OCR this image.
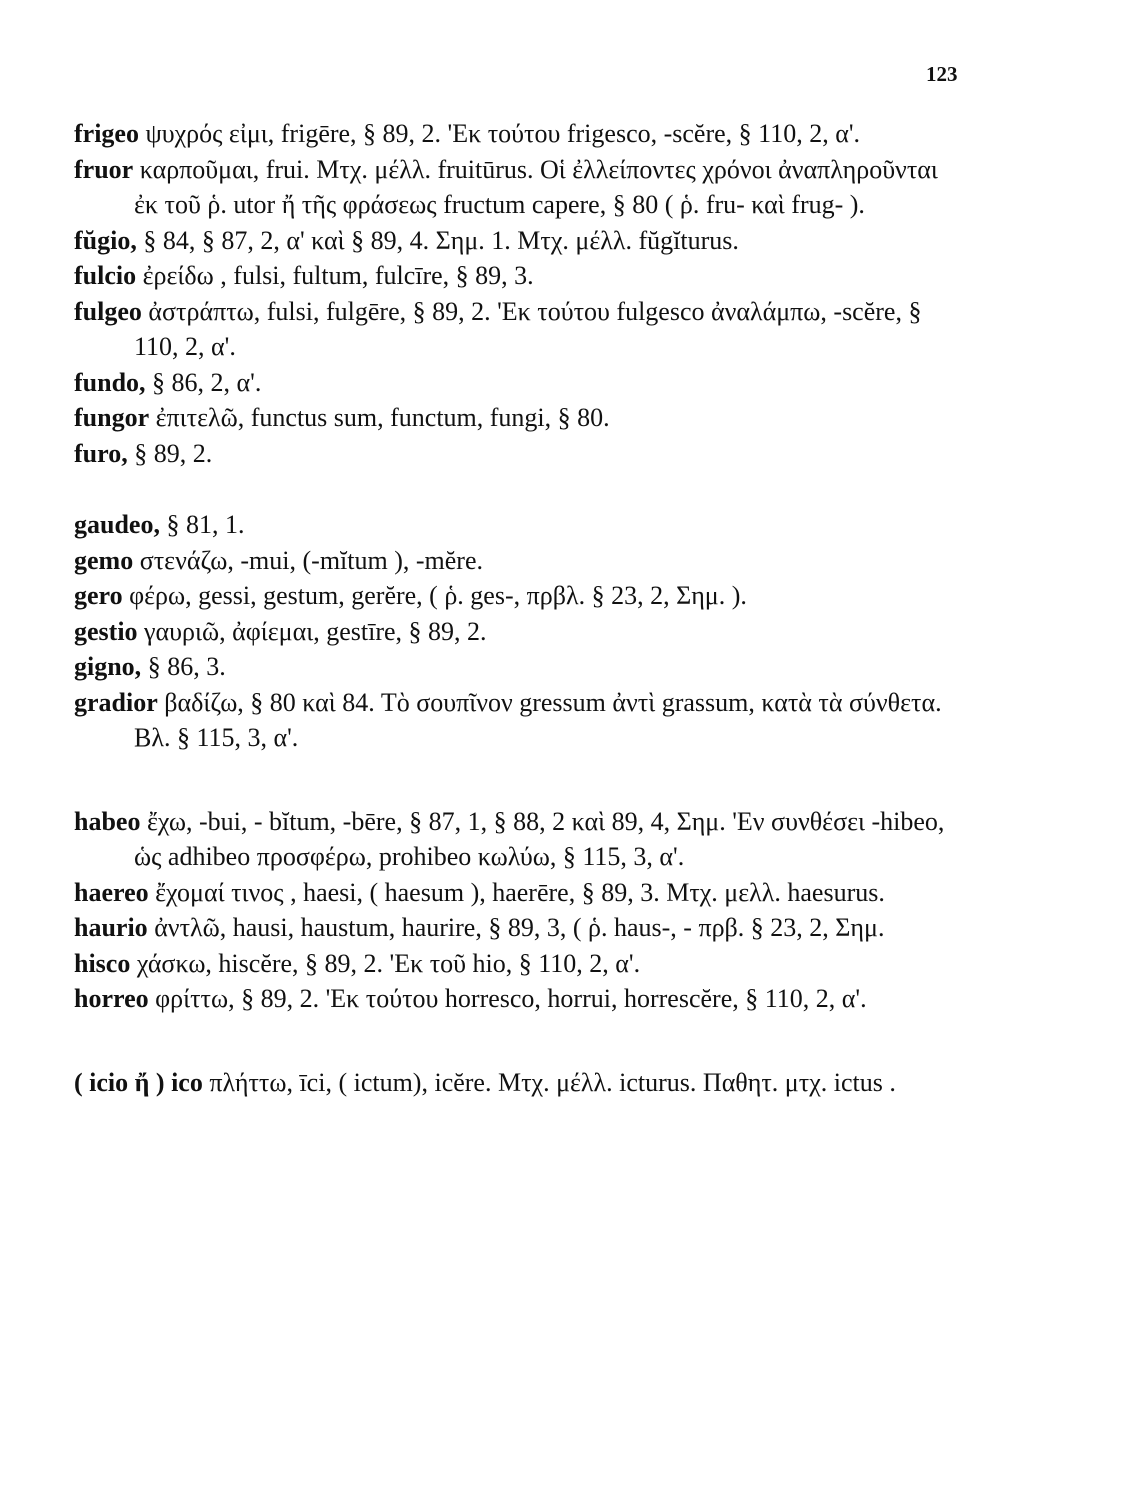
123
frigeo ψυχρός εἰμι, frigēre, § 89, 2. 'Εκ τούτου frigesco, -scĕre, § 110, 2, α'.
fruor καρποῦμαι, frui. Μτχ. μέλλ. fruitūrus. Οἱ ἐλλείποντες χρόνοι ἀναπληροῦνται ἐκ τοῦ ῥ. utor ἤ τῆς φράσεως fructum capere, § 80 ( ῥ. fru- καὶ frug- ).
fŭgio, § 84, § 87, 2, α' καὶ § 89, 4. Σημ. 1. Μτχ. μέλλ. fŭgĭturus.
fulcio ἐρείδω , fulsi, fultum, fulcīre, § 89, 3.
fulgeo ἀστράπτω, fulsi, fulgēre, § 89, 2. 'Εκ τούτου fulgesco ἀναλάμπω, -scĕre, § 110, 2, α'.
fundo, § 86, 2, α'.
fungor ἐπιτελῶ, functus sum, functum, fungi, § 80.
furo, § 89, 2.
gaudeo, § 81, 1.
gemo στενάζω, -mui, (-mĭtum ), -mĕre.
gero φέρω, gessi, gestum, gerĕre, ( ῥ. ges-, πρβλ. § 23, 2, Σημ. ).
gestio γαυριῶ, ἀφίεμαι, gestīre, § 89, 2.
gigno, § 86, 3.
gradior βαδίζω, § 80 καὶ 84. Τὸ σουπῖνον gressum ἀντὶ grassum, κατὰ τὰ σύνθετα. Βλ. § 115, 3, α'.
habeo ἔχω, -bui, - bĭtum, -bēre, § 87, 1, § 88, 2 καὶ 89, 4, Σημ. 'Εν συνθέσει -hibeo, ὡς adhibeo προσφέρω, prohibeo κωλύω, § 115, 3, α'.
haereo ἔχομαί τινος , haesi, ( haesum ), haerēre, § 89, 3. Μτχ. μελλ. haesurus.
haurio ἀντλῶ, hausi, haustum, haurire, § 89, 3, ( ῥ. haus-, - πρβ. § 23, 2, Σημ.
hisco χάσκω, hiscĕre, § 89, 2. 'Εκ τοῦ hio, § 110, 2, α'.
horreo φρίττω, § 89, 2. 'Εκ τούτου horresco, horrui, horrescĕre, § 110, 2, α'.
( icio ἤ ) ico πλήττω, īci, ( ictum), icĕre. Μτχ. μέλλ. icturus. Παθητ. μτχ. ictus .
